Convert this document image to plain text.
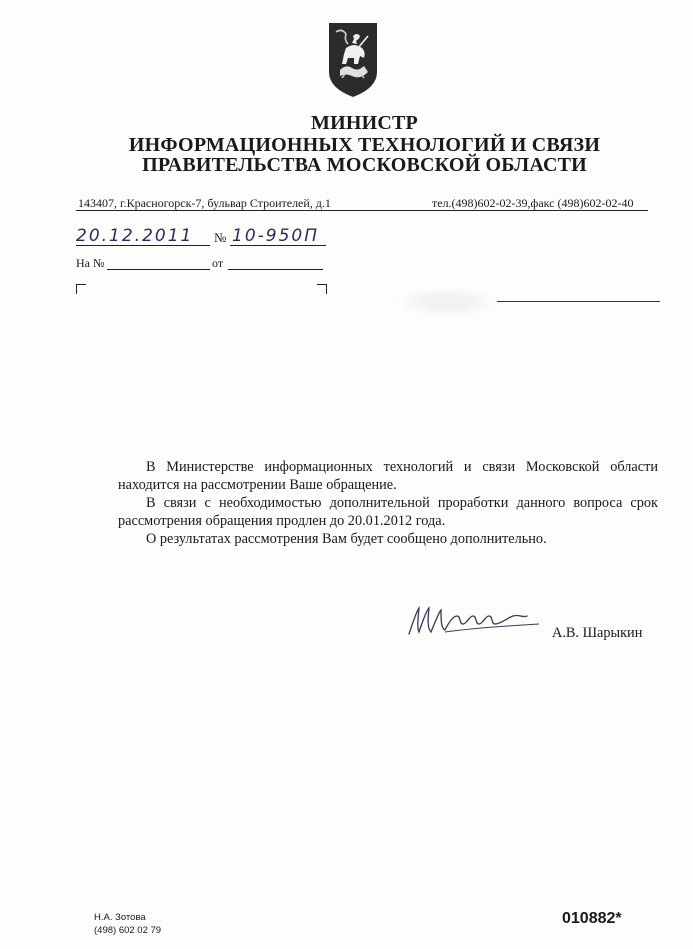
МИНИСТР
ИНФОРМАЦИОННЫХ ТЕХНОЛОГИЙ И СВЯЗИ
ПРАВИТЕЛЬСТВА МОСКОВСКОЙ ОБЛАСТИ
143407, г.Красногорск-7, бульвар Строителей, д.1	тел.(498)602-02-39,факс (498)602-02-40
20.12.2011 № 10-950П
На №	от
В Министерстве информационных технологий и связи Московской области находится на рассмотрении Ваше обращение.
В связи с необходимостью дополнительной проработки данного вопроса срок рассмотрения обращения продлен до 20.01.2012 года.
О результатах рассмотрения Вам будет сообщено дополнительно.
А.В. Шарыкин
Н.А. Зотова
(498) 602 02 79
010882*
